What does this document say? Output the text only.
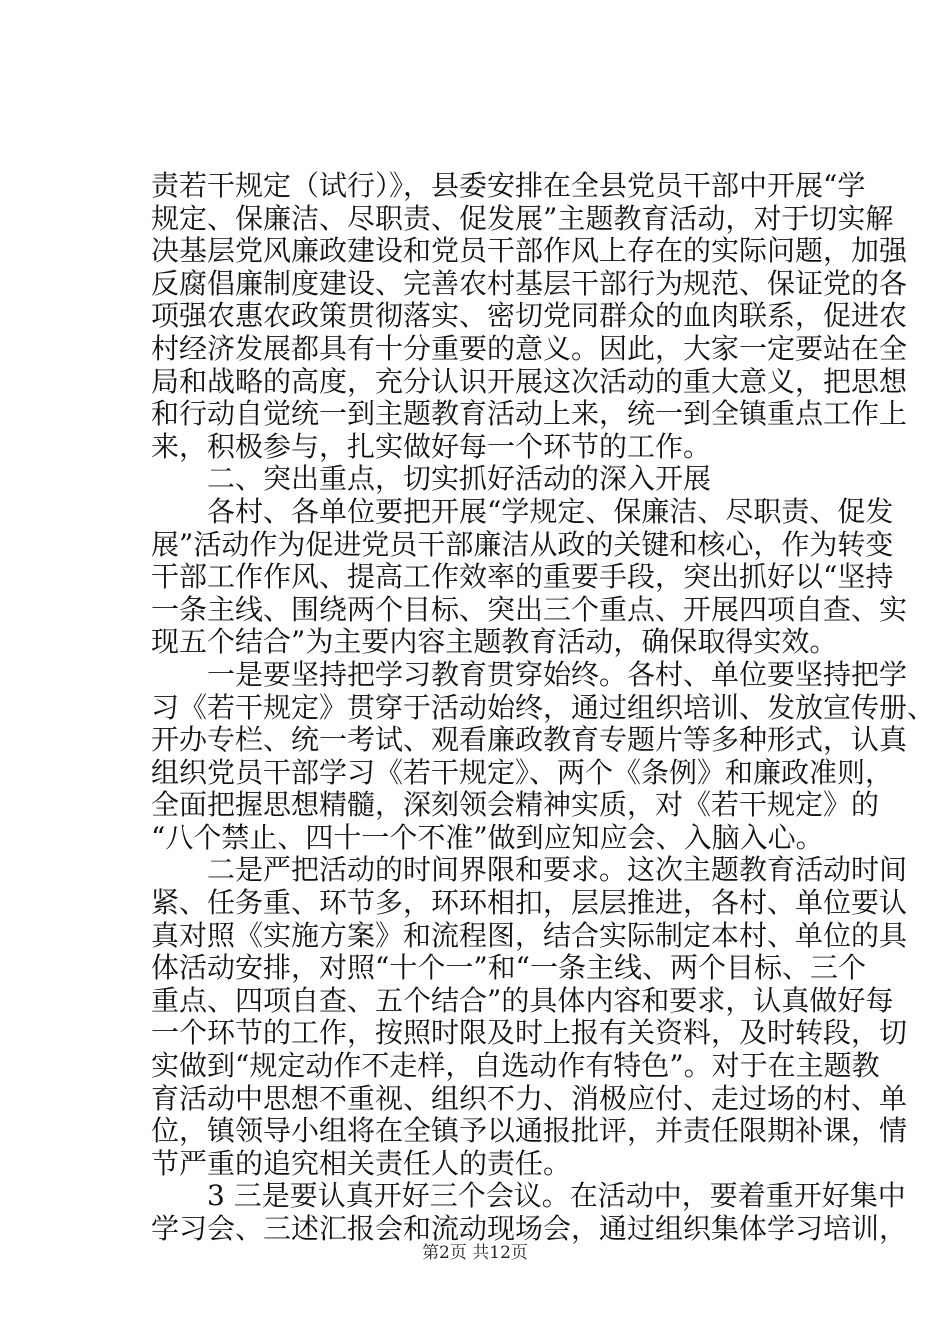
责若干规定（试行）》，县委安排在全县党员干部中开展“学
规定、保廉洁、尽职责、促发展”主题教育活动，对于切实解
决基层党风廉政建设和党员干部作风上存在的实际问题，加强
反腐倡廉制度建设、完善农村基层干部行为规范、保证党的各
项强农惠农政策贯彻落实、密切党同群众的血肉联系，促进农
村经济发展都具有十分重要的意义。因此，大家一定要站在全
局和战略的高度，充分认识开展这次活动的重大意义，把思想
和行动自觉统一到主题教育活动上来，统一到全镇重点工作上
来，积极参与，扎实做好每一个环节的工作。
　　二、突出重点，切实抓好活动的深入开展
　　各村、各单位要把开展“学规定、保廉洁、尽职责、促发
展”活动作为促进党员干部廉洁从政的关键和核心，作为转变
干部工作作风、提高工作效率的重要手段，突出抓好以“坚持
一条主线、围绕两个目标、突出三个重点、开展四项自查、实
现五个结合”为主要内容主题教育活动，确保取得实效。
　　一是要坚持把学习教育贯穿始终。各村、单位要坚持把学
习《若干规定》贯穿于活动始终，通过组织培训、发放宣传册、
开办专栏、统一考试、观看廉政教育专题片等多种形式，认真
组织党员干部学习《若干规定》、两个《条例》和廉政准则，
全面把握思想精髓，深刻领会精神实质，对《若干规定》的
“八个禁止、四十一个不准”做到应知应会、入脑入心。
　　二是严把活动的时间界限和要求。这次主题教育活动时间
紧、任务重、环节多，环环相扣，层层推进，各村、单位要认
真对照《实施方案》和流程图，结合实际制定本村、单位的具
体活动安排，对照“十个一”和“一条主线、两个目标、三个
重点、四项自查、五个结合”的具体内容和要求，认真做好每
一个环节的工作，按照时限及时上报有关资料，及时转段，切
实做到“规定动作不走样，自选动作有特色”。对于在主题教
育活动中思想不重视、组织不力、消极应付、走过场的村、单
位，镇领导小组将在全镇予以通报批评，并责任限期补课，情
节严重的追究相关责任人的责任。
　　3 三是要认真开好三个会议。在活动中，要着重开好集中
学习会、三述汇报会和流动现场会，通过组织集体学习培训，
第2页 共12页
